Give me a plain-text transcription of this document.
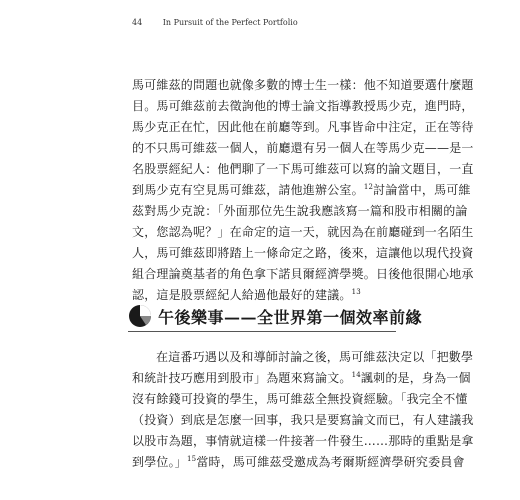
44	In Pursuit of the Perfect Portfolio
馬可維茲的問題也就像多數的博士生一樣：他不知道要選什麼題
目。馬可維茲前去徵詢他的博士論文指導教授馬少克，進門時，
馬少克正在忙，因此他在前廳等到。凡事皆命中注定，正在等待
的不只馬可維茲一個人，前廳還有另一個人在等馬少克——是一
名股票經紀人：他們聊了一下馬可維茲可以寫的論文題目，一直
到馬少克有空見馬可維茲，請他進辦公室。$^{12}$討論當中，馬可維
茲對馬少克說：「外面那位先生說我應該寫一篇和股市相關的論
文，您認為呢？」在命定的這一天，就因為在前廳碰到一名陌生
人，馬可維茲即將踏上一條命定之路，後來，這讓他以現代投資
組合理論奠基者的角色拿下諾貝爾經濟學獎。日後他很開心地承
認，這是股票經紀人給過他最好的建議。$^{13}$
午後樂事——全世界第一個效率前緣
在這番巧遇以及和導師討論之後，馬可維茲決定以「把數學
和統計技巧應用到股市」為題來寫論文。$^{14}$諷刺的是，身為一個
沒有餘錢可投資的學生，馬可維茲全無投資經驗。「我完全不懂
（投資）到底是怎麼一回事，我只是要寫論文而已，有人建議我
以股市為題，事情就這樣一件接著一件發生……那時的重點是拿
到學位。」$^{15}$當時，馬可維茲受邀成為考爾斯經濟學研究委員會
